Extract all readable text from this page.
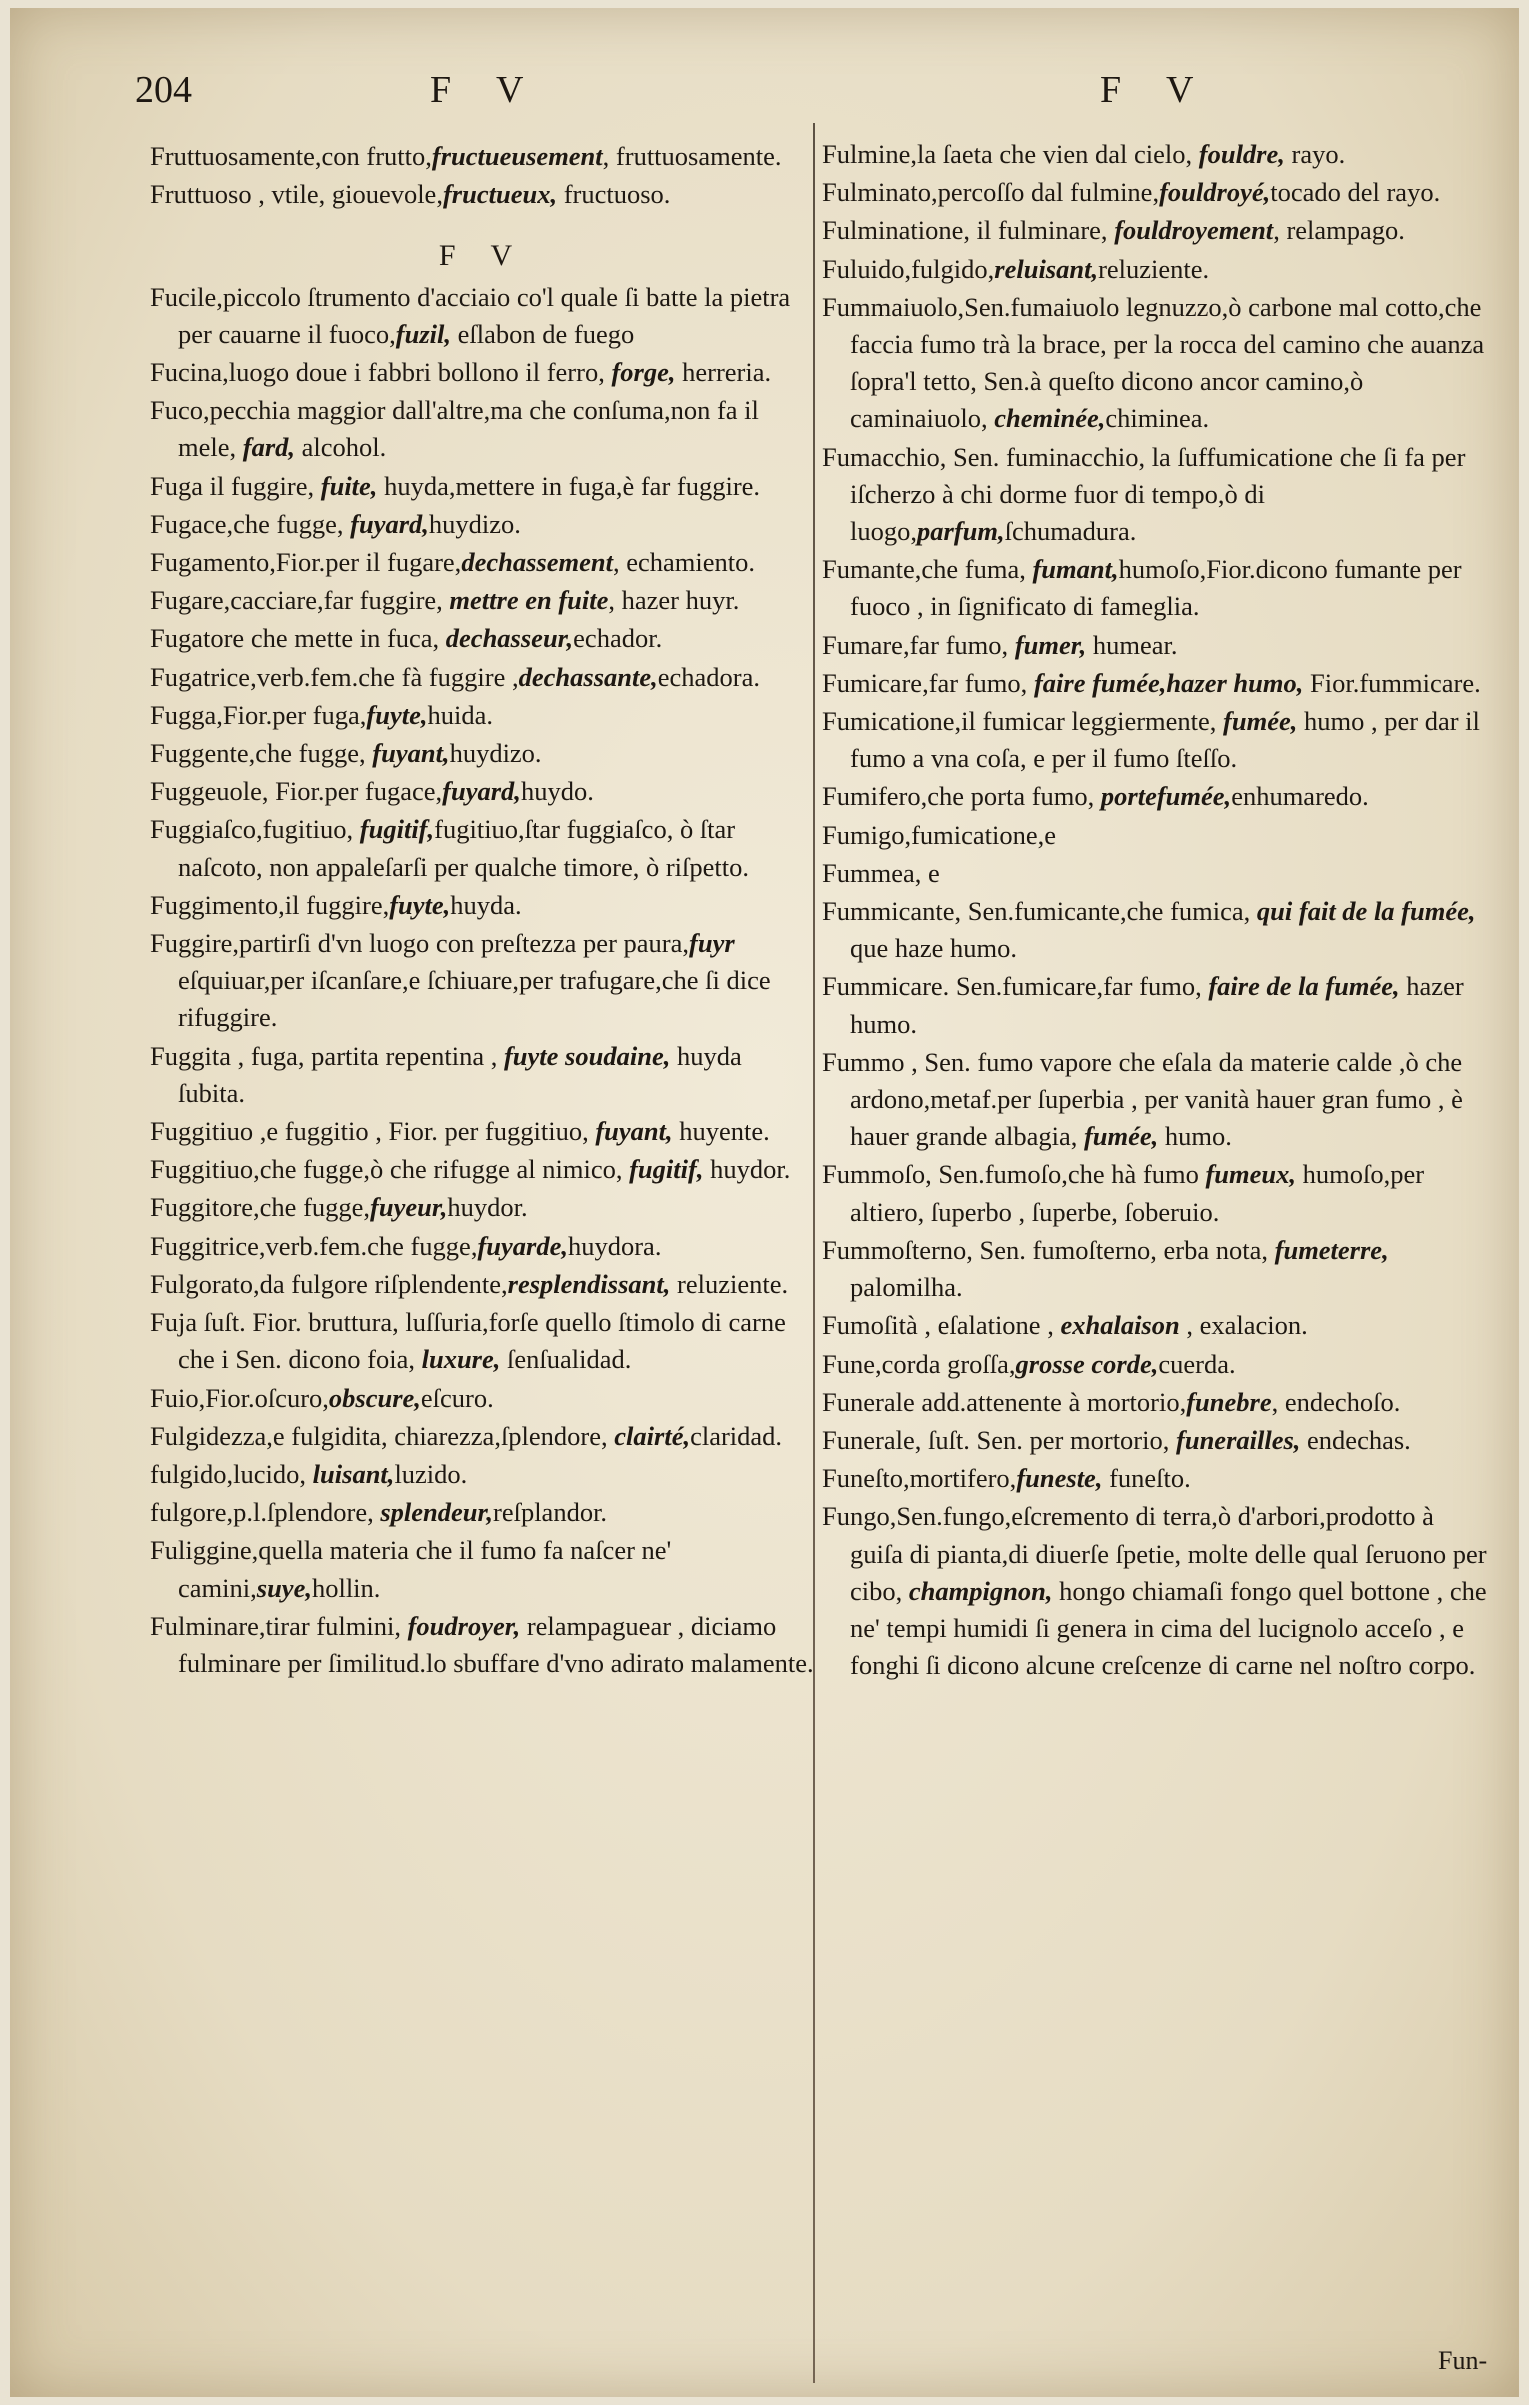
204	F V	F V
Fruttuosamente,con frutto,fructueusement, fruttuosamente.
Fruttuoso , vtile, giouevole,fructueux, fructuoso.
F V
Fucile,piccolo ſtrumento d'acciaio co'l quale ſi batte la pietra per cauarne il fuoco,fuzil, eſlabon de fuego
Fucina,luogo doue i fabbri bollono il ferro, forge, herreria.
Fuco,pecchia maggior dall'altre,ma che conſuma,non fa il mele, fard, alcohol.
Fuga il fuggire, fuite, huyda,mettere in fuga,è far fuggire.
Fugace,che fugge, fuyard,huydizo.
Fugamento,Fior.per il fugare,dechassement, echamiento.
Fugare,cacciare,far fuggire, mettre en fuite, hazer huyr.
Fugatore che mette in fuca, dechasseur,echador.
Fugatrice,verb.fem.che fà fuggire ,dechassante,echadora.
Fugga,Fior.per fuga,fuyte,huida.
Fuggente,che fugge, fuyant,huydizo.
Fuggeuole, Fior.per fugace,fuyard,huydo.
Fuggiaſco,fugitiuo, fugitif,fugitiuo,ſtar fuggiaſco, ò ſtar naſcoto, non appaleſarſi per qualche timore, ò riſpetto.
Fuggimento,il fuggire,fuyte,huyda.
Fuggire,partirſi d'vn luogo con preſtezza per paura,fuyr eſquiuar,per iſcanſare,e ſchiuare,per trafugare,che ſi dice rifuggire.
Fuggita , fuga, partita repentina , fuyte soudaine, huyda ſubita.
Fuggitiuo ,e fuggitio , Fior. per fuggitiuo, fuyant, huyente.
Fuggitiuo,che fugge,ò che rifugge al nimico, fugitif, huydor.
Fuggitore,che fugge,fuyeur,huydor.
Fuggitrice,verb.fem.che fugge,fuyarde,huydora.
Fulgorato,da fulgore riſplendente,resplendissant, reluziente.
Fuja ſuſt. Fior. bruttura, luſſuria,forſe quello ſtimolo di carne che i Sen. dicono foia, luxure, ſenſualidad.
Fuio,Fior.oſcuro,obscure,eſcuro.
Fulgidezza,e fulgidita, chiarezza,ſplendore, clairté,claridad.
fulgido,lucido, luisant,luzido.
fulgore,p.l.ſplendore, splendeur,reſplandor.
Fuliggine,quella materia che il fumo fa naſcer ne' camini,suye,hollin.
Fulminare,tirar fulmini, foudroyer, relampaguear , diciamo fulminare per ſimilitud.lo sbuffare d'vno adirato malamente.
Fulmine,la ſaeta che vien dal cielo, fouldre, rayo.
Fulminato,percoſſo dal fulmine,fouldroyé,tocado del rayo.
Fulminatione, il fulminare, fouldroyement, relampago.
Fuluido,fulgido,reluisant,reluziente.
Fummaiuolo,Sen.fumaiuolo legnuzzo,ò carbone mal cotto,che faccia fumo trà la brace, per la rocca del camino che auanza ſopra'l tetto, Sen.à queſto dicono ancor caminо,ò caminaiuolo, cheminée,chiminea.
Fumacchio, Sen. fuminacchio, la ſuffumicatione che ſi fa per iſcherzo à chi dorme fuor di tempo,ò di luogo,parfum,ſchumadura.
Fumante,che fuma, fumant,humoſo,Fior.dicono fumante per fuoco , in ſignificato di fameglia.
Fumare,far fumo, fumer, humear.
Fumicare,far fumo, faire fumée,hazer humo, Fior.fummicare.
Fumicatione,il fumicar leggiermente, fumée, humo , per dar il fumo a vna coſa, e per il fumo ſteſſo.
Fumifero,che porta fumo, portefumée,enhumaredo.
Fumigo,fumicatione,e
Fummea, e
Fummicante, Sen.fumicante,che fumica, qui fait de la fumée, que haze humo.
Fummicare. Sen.fumicare,far fumo, faire de la fumée, hazer humo.
Fummo , Sen. fumo vapore che eſala da materie calde ,ò che ardono,metaf.per ſuperbia , per vanità hauer gran fumo , è hauer grande albagia, fumée, humo.
Fummoſo, Sen.fumoſo,che hà fumo fumeux, humoſo,per altiero, ſuperbo , ſuperbe, ſoberuio.
Fummoſterno, Sen. fumoſterno, erba nota, fumeterre, palomilha.
Fumoſità , eſalatione , exhalaison , exalacion.
Fune,corda groſſa,grosse corde,cuerda.
Funerale add.attenente à mortorio,funebre, endechoſo.
Funerale, ſuſt. Sen. per mortorio, funerailles, endechas.
Funeſto,mortifero,funeste, funeſto.
Fungo,Sen.fungo,eſcremento di terra,ò d'arbori,prodotto à guiſa di pianta,di diuerſe ſpetie, molte delle qual ſeruono per cibo, champignon, hongo chiamaſi fongo quel bottone , che ne' tempi humidi ſi genera in cima del lucignolo acceſo , e fonghi ſi dicono alcune creſcenze di carne nel noſtro corpo.
Fun-
